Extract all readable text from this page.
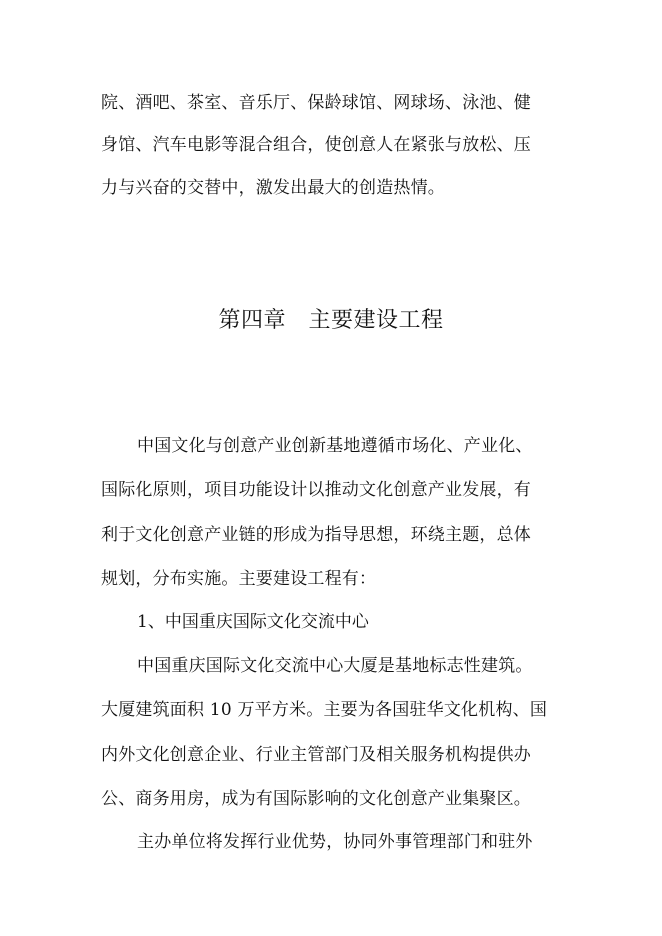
院、酒吧、茶室、音乐厅、保龄球馆、网球场、泳池、健
身馆、汽车电影等混合组合，使创意人在紧张与放松、压
力与兴奋的交替中，激发出最大的创造热情。
第四章   主要建设工程
中国文化与创意产业创新基地遵循市场化、产业化、
国际化原则，项目功能设计以推动文化创意产业发展，有
利于文化创意产业链的形成为指导思想，环绕主题，总体
规划，分布实施。主要建设工程有：
1、中国重庆国际文化交流中心
中国重庆国际文化交流中心大厦是基地标志性建筑。
大厦建筑面积 10 万平方米。主要为各国驻华文化机构、国
内外文化创意企业、行业主管部门及相关服务机构提供办
公、商务用房，成为有国际影响的文化创意产业集聚区。
主办单位将发挥行业优势，协同外事管理部门和驻外
